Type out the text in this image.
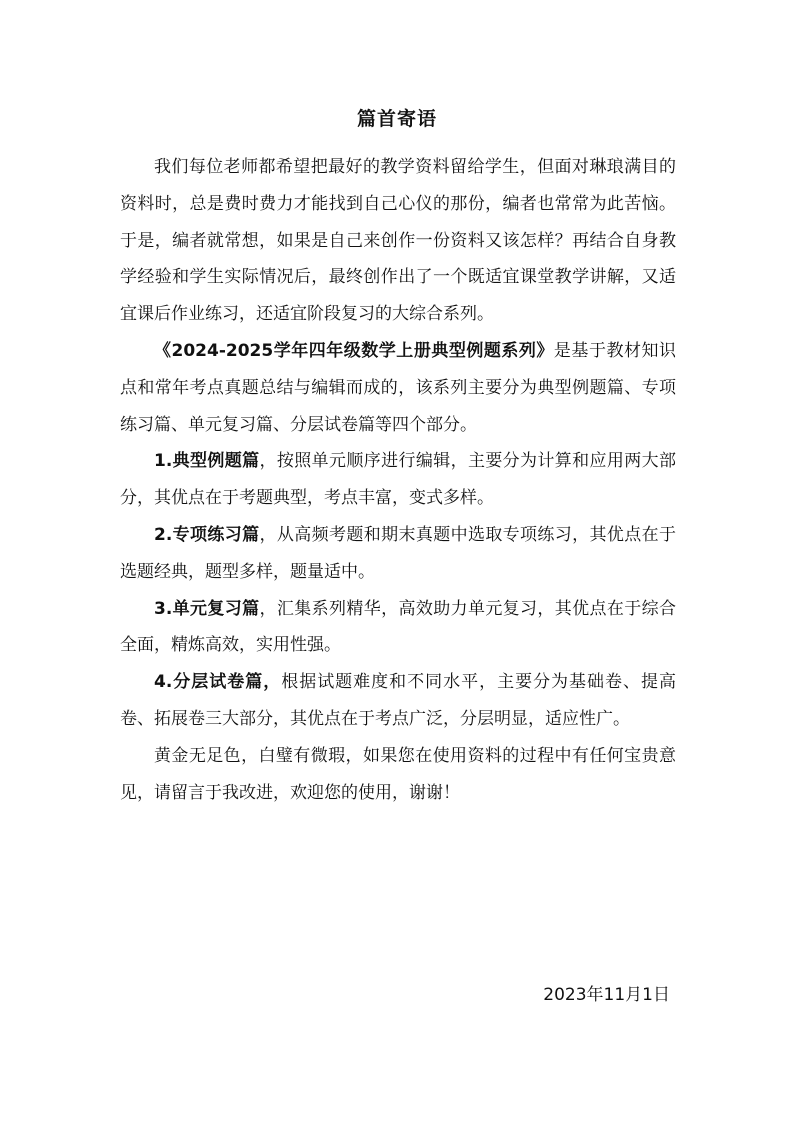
篇首寄语

我们每位老师都希望把最好的教学资料留给学生，但面对琳琅满目的资料时，总是费时费力才能找到自己心仪的那份，编者也常常为此苦恼。于是，编者就常想，如果是自己来创作一份资料又该怎样？再结合自身教学经验和学生实际情况后，最终创作出了一个既适宜课堂教学讲解，又适宜课后作业练习，还适宜阶段复习的大综合系列。

《2024-2025学年四年级数学上册典型例题系列》是基于教材知识点和常年考点真题总结与编辑而成的，该系列主要分为典型例题篇、专项练习篇、单元复习篇、分层试卷篇等四个部分。

1.典型例题篇，按照单元顺序进行编辑，主要分为计算和应用两大部分，其优点在于考题典型，考点丰富，变式多样。

2.专项练习篇，从高频考题和期末真题中选取专项练习，其优点在于选题经典，题型多样，题量适中。

3.单元复习篇，汇集系列精华，高效助力单元复习，其优点在于综合全面，精炼高效，实用性强。

4.分层试卷篇，根据试题难度和不同水平，主要分为基础卷、提高卷、拓展卷三大部分，其优点在于考点广泛，分层明显，适应性广。

黄金无足色，白璧有微瑕，如果您在使用资料的过程中有任何宝贵意见，请留言于我改进，欢迎您的使用，谢谢！

2023年11月1日
